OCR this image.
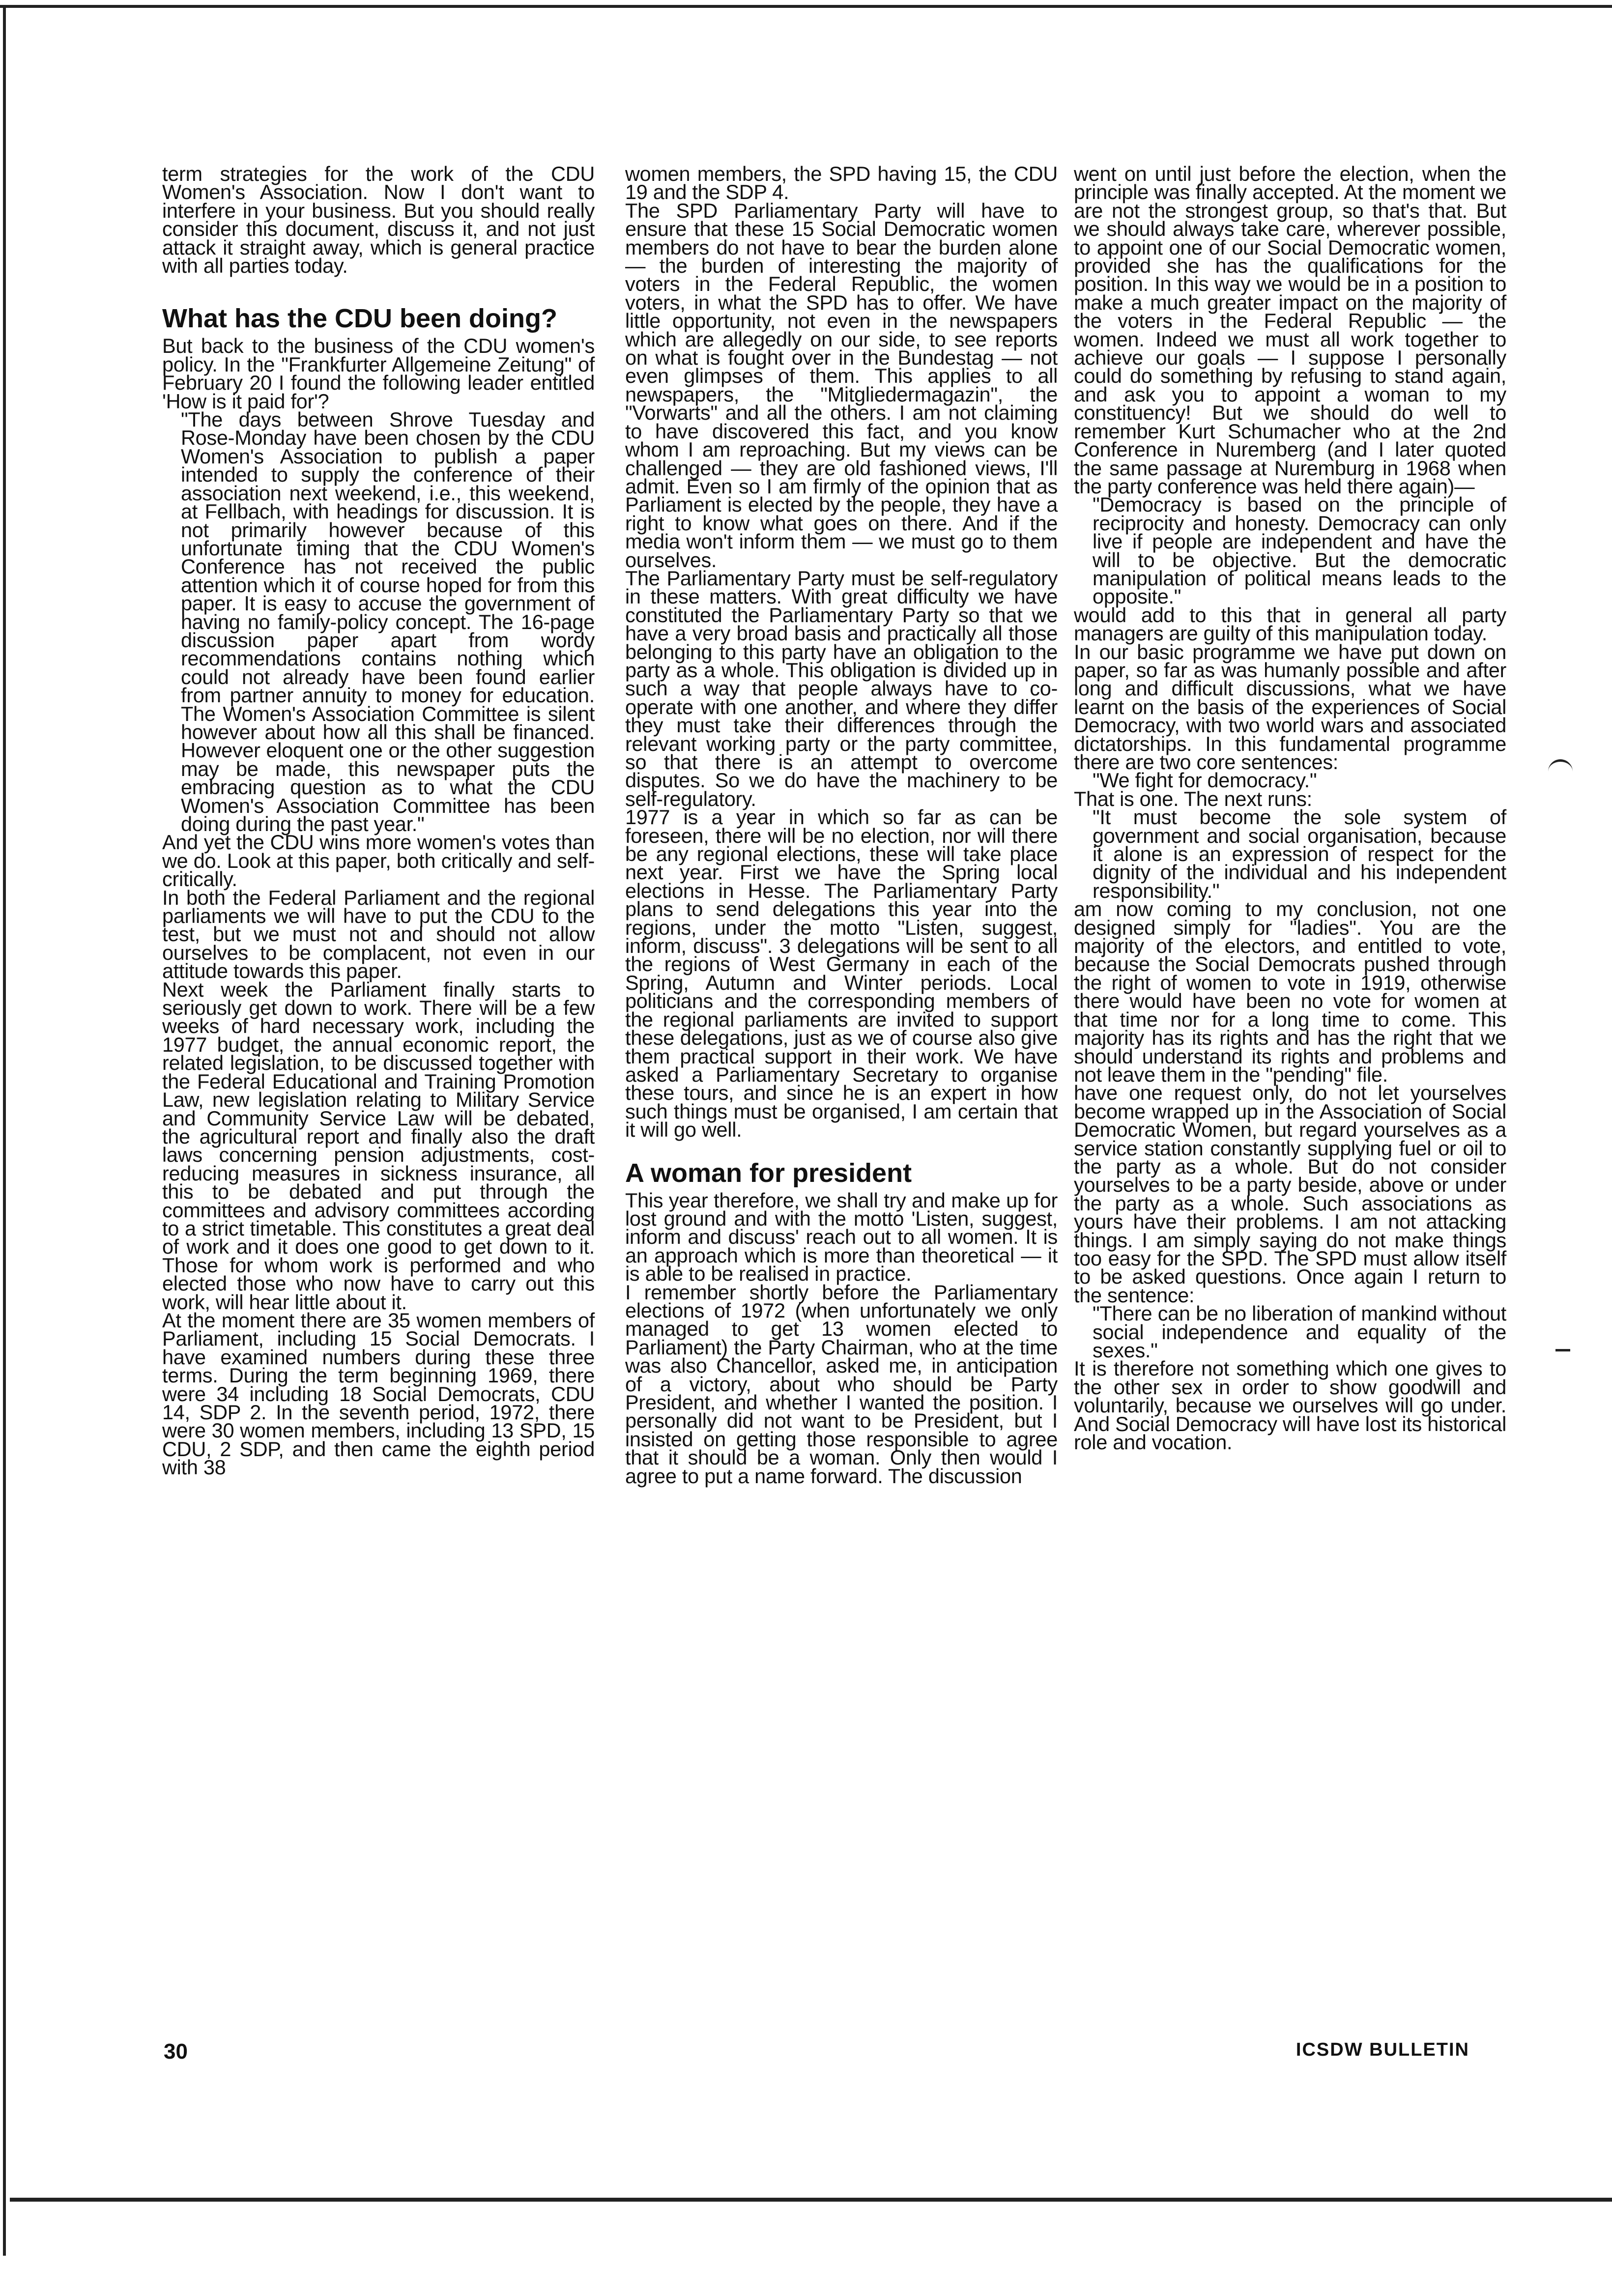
term strategies for the work of the CDU Women's Association. Now I don't want to interfere in your business. But you should really consider this document, discuss it, and not just attack it straight away, which is general practice with all parties today.

What has the CDU been doing?

But back to the business of the CDU women's policy. In the "Frankfurter Allgemeine Zeitung" of February 20 I found the following leader entitled 'How is it paid for'?

"The days between Shrove Tuesday and Rose-Monday have been chosen by the CDU Women's Association to publish a paper intended to supply the conference of their association next weekend, i.e., this weekend, at Fellbach, with headings for discussion. It is not primarily however because of this unfortunate timing that the CDU Women's Conference has not received the public attention which it of course hoped for from this paper. It is easy to accuse the government of having no family-policy concept. The 16-page discussion paper apart from wordy recommendations contains nothing which could not already have been found earlier from partner annuity to money for education. The Women's Association Committee is silent however about how all this shall be financed. However eloquent one or the other suggestion may be made, this newspaper puts the embracing question as to what the CDU Women's Association Committee has been doing during the past year."

And yet the CDU wins more women's votes than we do. Look at this paper, both critically and self-critically.

In both the Federal Parliament and the regional parliaments we will have to put the CDU to the test, but we must not and should not allow ourselves to be complacent, not even in our attitude towards this paper.

Next week the Parliament finally starts to seriously get down to work. There will be a few weeks of hard necessary work, including the 1977 budget, the annual economic report, the related legislation, to be discussed together with the Federal Educational and Training Promotion Law, new legislation relating to Military Service and Community Service Law will be debated, the agricultural report and finally also the draft laws concerning pension adjustments, cost-reducing measures in sickness insurance, all this to be debated and put through the committees and advisory committees according to a strict timetable. This constitutes a great deal of work and it does one good to get down to it. Those for whom work is performed and who elected those who now have to carry out this work, will hear little about it.

At the moment there are 35 women members of Parliament, including 15 Social Democrats. I have examined numbers during these three terms. During the term beginning 1969, there were 34 including 18 Social Democrats, CDU 14, SDP 2. In the seventh period, 1972, there were 30 women members, including 13 SPD, 15 CDU, 2 SDP, and then came the eighth period with 38

women members, the SPD having 15, the CDU 19 and the SDP 4.

The SPD Parliamentary Party will have to ensure that these 15 Social Democratic women members do not have to bear the burden alone — the burden of interesting the majority of voters in the Federal Republic, the women voters, in what the SPD has to offer. We have little opportunity, not even in the newspapers which are allegedly on our side, to see reports on what is fought over in the Bundestag — not even glimpses of them. This applies to all newspapers, the "Mitgliedermagazin", the "Vorwarts" and all the others. I am not claiming to have discovered this fact, and you know whom I am reproaching. But my views can be challenged — they are old fashioned views, I'll admit. Even so I am firmly of the opinion that as Parliament is elected by the people, they have a right to know what goes on there. And if the media won't inform them — we must go to them ourselves.

The Parliamentary Party must be self-regulatory in these matters. With great difficulty we have constituted the Parliamentary Party so that we have a very broad basis and practically all those belonging to this party have an obligation to the party as a whole. This obligation is divided up in such a way that people always have to co-operate with one another, and where they differ they must take their differences through the relevant working party or the party committee, so that there is an attempt to overcome disputes. So we do have the machinery to be self-regulatory.

1977 is a year in which so far as can be foreseen, there will be no election, nor will there be any regional elections, these will take place next year. First we have the Spring local elections in Hesse. The Parliamentary Party plans to send delegations this year into the regions, under the motto "Listen, suggest, inform, discuss". 3 delegations will be sent to all the regions of West Germany in each of the Spring, Autumn and Winter periods. Local politicians and the corresponding members of the regional parliaments are invited to support these delegations, just as we of course also give them practical support in their work. We have asked a Parliamentary Secretary to organise these tours, and since he is an expert in how such things must be organised, I am certain that it will go well.

A woman for president

This year therefore, we shall try and make up for lost ground and with the motto 'Listen, suggest, inform and discuss' reach out to all women. It is an approach which is more than theoretical — it is able to be realised in practice.

I remember shortly before the Parliamentary elections of 1972 (when unfortunately we only managed to get 13 women elected to Parliament) the Party Chairman, who at the time was also Chancellor, asked me, in anticipation of a victory, about who should be Party President, and whether I wanted the position. I personally did not want to be President, but I insisted on getting those responsible to agree that it should be a woman. Only then would I agree to put a name forward. The discussion

went on until just before the election, when the principle was finally accepted. At the moment we are not the strongest group, so that's that. But we should always take care, wherever possible, to appoint one of our Social Democratic women, provided she has the qualifications for the position. In this way we would be in a position to make a much greater impact on the majority of the voters in the Federal Republic — the women. Indeed we must all work together to achieve our goals — I suppose I personally could do something by refusing to stand again, and ask you to appoint a woman to my constituency! But we should do well to remember Kurt Schumacher who at the 2nd Conference in Nuremberg (and I later quoted the same passage at Nuremburg in 1968 when the party conference was held there again)—

"Democracy is based on the principle of reciprocity and honesty. Democracy can only live if people are independent and have the will to be objective. But the democratic manipulation of political means leads to the opposite."

would add to this that in general all party managers are guilty of this manipulation today.

In our basic programme we have put down on paper, so far as was humanly possible and after long and difficult discussions, what we have learnt on the basis of the experiences of Social Democracy, with two world wars and associated dictatorships. In this fundamental programme there are two core sentences:

"We fight for democracy."

That is one. The next runs:

"It must become the sole system of government and social organisation, because it alone is an expression of respect for the dignity of the individual and his independent responsibility."

am now coming to my conclusion, not one designed simply for "ladies". You are the majority of the electors, and entitled to vote, because the Social Democrats pushed through the right of women to vote in 1919, otherwise there would have been no vote for women at that time nor for a long time to come. This majority has its rights and has the right that we should understand its rights and problems and not leave them in the "pending" file.

have one request only, do not let yourselves become wrapped up in the Association of Social Democratic Women, but regard yourselves as a service station constantly supplying fuel or oil to the party as a whole. But do not consider yourselves to be a party beside, above or under the party as a whole. Such associations as yours have their problems. I am not attacking things. I am simply saying do not make things too easy for the SPD. The SPD must allow itself to be asked questions. Once again I return to the sentence:

"There can be no liberation of mankind without social independence and equality of the sexes."

It is therefore not something which one gives to the other sex in order to show goodwill and voluntarily, because we ourselves will go under. And Social Democracy will have lost its historical role and vocation.

30	ICSDW BULLETIN
